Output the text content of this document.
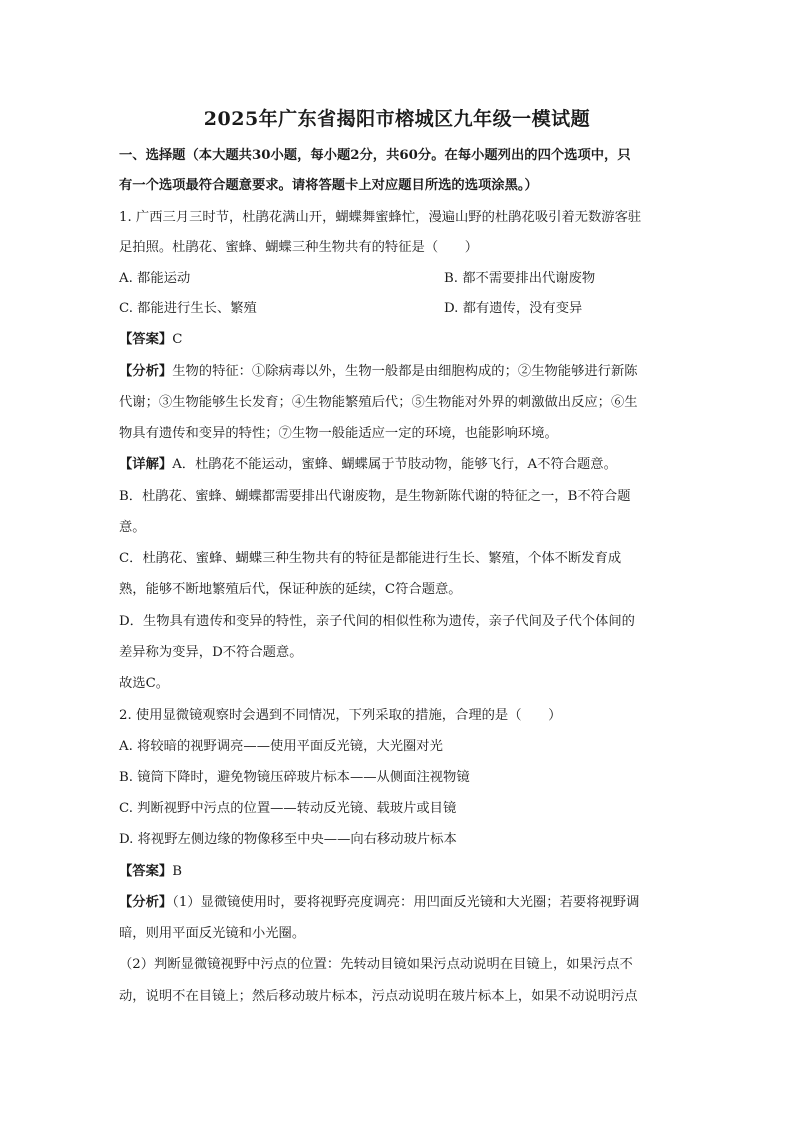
2025年广东省揭阳市榕城区九年级一模试题
一、选择题（本大题共30小题，每小题2分，共60分。在每小题列出的四个选项中，只
有一个选项最符合题意要求。请将答题卡上对应题目所选的选项涂黑。）
1. 广西三月三时节，杜鹃花满山开，蝴蝶舞蜜蜂忙，漫遍山野的杜鹃花吸引着无数游客驻
足拍照。杜鹃花、蜜蜂、蝴蝶三种生物共有的特征是（　　）
A. 都能运动	B. 都不需要排出代谢废物
C. 都能进行生长、繁殖	D. 都有遗传，没有变异
【答案】C
【分析】生物的特征：①除病毒以外，生物一般都是由细胞构成的；②生物能够进行新陈
代谢；③生物能够生长发育；④生物能繁殖后代；⑤生物能对外界的刺激做出反应；⑥生
物具有遗传和变异的特性；⑦生物一般能适应一定的环境，也能影响环境。
【详解】A．杜鹃花不能运动，蜜蜂、蝴蝶属于节肢动物，能够飞行，A不符合题意。
B．杜鹃花、蜜蜂、蝴蝶都需要排出代谢废物，是生物新陈代谢的特征之一，B不符合题
意。
C．杜鹃花、蜜蜂、蝴蝶三种生物共有的特征是都能进行生长、繁殖，个体不断发育成
熟，能够不断地繁殖后代，保证种族的延续，C符合题意。
D．生物具有遗传和变异的特性，亲子代间的相似性称为遗传，亲子代间及子代个体间的
差异称为变异，D不符合题意。
故选C。
2. 使用显微镜观察时会遇到不同情况，下列采取的措施，合理的是（　　）
A. 将较暗的视野调亮——使用平面反光镜，大光圈对光
B. 镜筒下降时，避免物镜压碎玻片标本——从侧面注视物镜
C. 判断视野中污点的位置——转动反光镜、载玻片或目镜
D. 将视野左侧边缘的物像移至中央——向右移动玻片标本
【答案】B
【分析】（1）显微镜使用时，要将视野亮度调亮：用凹面反光镜和大光圈；若要将视野调
暗，则用平面反光镜和小光圈。
（2）判断显微镜视野中污点的位置：先转动目镜如果污点动说明在目镜上，如果污点不
动，说明不在目镜上；然后移动玻片标本，污点动说明在玻片标本上，如果不动说明污点
